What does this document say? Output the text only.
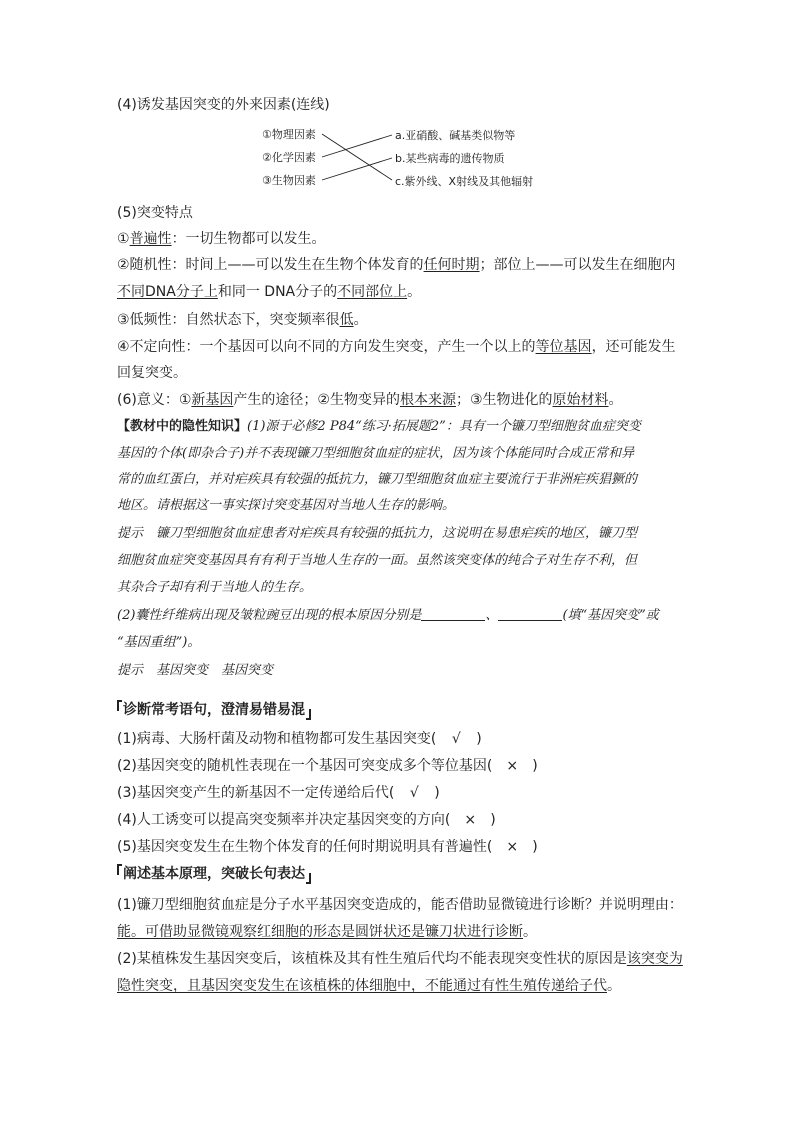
(4)诱发基因突变的外来因素(连线)
①物理因素
②化学因素
③生物因素
a.亚硝酸、碱基类似物等
b.某些病毒的遗传物质
c.紫外线、X射线及其他辐射
(5)突变特点
①普遍性：一切生物都可以发生。
②随机性：时间上——可以发生在生物个体发育的任何时期；部位上——可以发生在细胞内
不同DNA分子上和同一 DNA分子的不同部位上。
③低频性：自然状态下，突变频率很低。
④不定向性：一个基因可以向不同的方向发生突变，产生一个以上的等位基因，还可能发生
回复突变。
(6)意义：①新基因产生的途径；②生物变异的根本来源；③生物进化的原始材料。
【教材中的隐性知识】(1)源于必修2 P84“练习·拓展题2”：具有一个镰刀型细胞贫血症突变
基因的个体(即杂合子)并不表现镰刀型细胞贫血症的症状，因为该个体能同时合成正常和异
常的血红蛋白，并对疟疾具有较强的抵抗力，镰刀型细胞贫血症主要流行于非洲疟疾猖獗的
地区。请根据这一事实探讨突变基因对当地人生存的影响。
提示　镰刀型细胞贫血症患者对疟疾具有较强的抵抗力，这说明在易患疟疾的地区，镰刀型
细胞贫血症突变基因具有有利于当地人生存的一面。虽然该突变体的纯合子对生存不利，但
其杂合子却有利于当地人的生存。
(2)囊性纤维病出现及皱粒豌豆出现的根本原因分别是	、	(填“基因突变”或
“基因重组”)。
提示　基因突变　基因突变
诊断常考语句，澄清易错易混
(1)病毒、大肠杆菌及动物和植物都可发生基因突变( √ )
(2)基因突变的随机性表现在一个基因可突变成多个等位基因( × )
(3)基因突变产生的新基因不一定传递给后代( √ )
(4)人工诱变可以提高突变频率并决定基因突变的方向( × )
(5)基因突变发生在生物个体发育的任何时期说明具有普遍性( × )
阐述基本原理，突破长句表达
(1)镰刀型细胞贫血症是分子水平基因突变造成的，能否借助显微镜进行诊断？并说明理由：
能。可借助显微镜观察红细胞的形态是圆饼状还是镰刀状进行诊断。
(2)某植株发生基因突变后，该植株及其有性生殖后代均不能表现突变性状的原因是该突变为
隐性突变，且基因突变发生在该植株的体细胞中，不能通过有性生殖传递给子代。
